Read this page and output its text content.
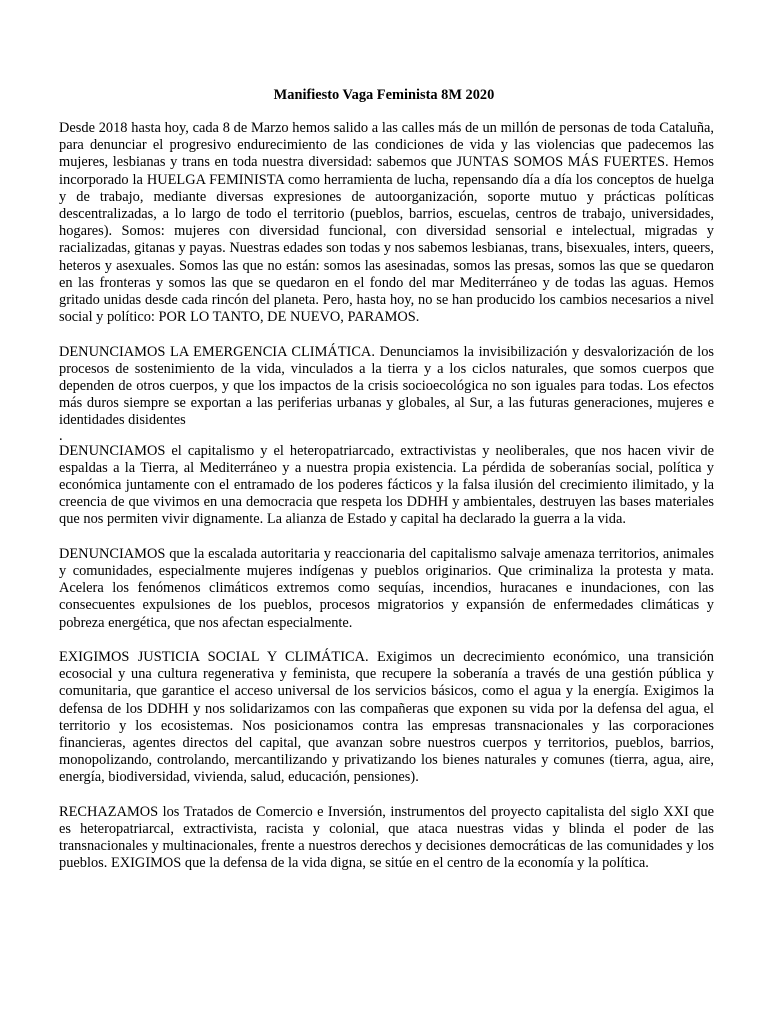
Manifiesto Vaga Feminista 8M 2020

Desde 2018 hasta hoy, cada 8 de Marzo hemos salido a las calles más de un millón de personas de toda Cataluña, para denunciar el progresivo endurecimiento de las condiciones de vida y las violencias que padecemos las mujeres, lesbianas y trans en toda nuestra diversidad: sabemos que JUNTAS SOMOS MÁS FUERTES. Hemos incorporado la HUELGA FEMINISTA como herramienta de lucha, repensando día a día los conceptos de huelga y de trabajo, mediante diversas expresiones de autoorganización, soporte mutuo y prácticas políticas descentralizadas, a lo largo de todo el territorio (pueblos, barrios, escuelas, centros de trabajo, universidades, hogares). Somos: mujeres con diversidad funcional, con diversidad sensorial e intelectual, migradas y racializadas, gitanas y payas. Nuestras edades son todas y nos sabemos lesbianas, trans, bisexuales, inters, queers, heteros y asexuales. Somos las que no están: somos las asesinadas, somos las presas, somos las que se quedaron en las fronteras y somos las que se quedaron en el fondo del mar Mediterráneo y de todas las aguas. Hemos gritado unidas desde cada rincón del planeta. Pero, hasta hoy, no se han producido los cambios necesarios a nivel social y político: POR LO TANTO, DE NUEVO, PARAMOS.

DENUNCIAMOS LA EMERGENCIA CLIMÁTICA. Denunciamos la invisibilización y desvalorización de los procesos de sostenimiento de la vida, vinculados a la tierra y a los ciclos naturales, que somos cuerpos que dependen de otros cuerpos, y que los impactos de la crisis socioecológica no son iguales para todas. Los efectos más duros siempre se exportan a las periferias urbanas y globales, al Sur, a las futuras generaciones, mujeres e identidades disidentes

.

DENUNCIAMOS el capitalismo y el heteropatriarcado, extractivistas y neoliberales, que nos hacen vivir de espaldas a la Tierra, al Mediterráneo y a nuestra propia existencia. La pérdida de soberanías social, política y económica juntamente con el entramado de los poderes fácticos y la falsa ilusión del crecimiento ilimitado, y la creencia de que vivimos en una democracia que respeta los DDHH y ambientales, destruyen las bases materiales que nos permiten vivir dignamente. La alianza de Estado y capital ha declarado la guerra a la vida.

DENUNCIAMOS que la escalada autoritaria y reaccionaria del capitalismo salvaje amenaza territorios, animales y comunidades, especialmente mujeres indígenas y pueblos originarios. Que criminaliza la protesta y mata. Acelera los fenómenos climáticos extremos como sequías, incendios, huracanes e inundaciones, con las consecuentes expulsiones de los pueblos, procesos migratorios y expansión de enfermedades climáticas y pobreza energética, que nos afectan especialmente.

EXIGIMOS JUSTICIA SOCIAL Y CLIMÁTICA. Exigimos un decrecimiento económico, una transición ecosocial y una cultura regenerativa y feminista, que recupere la soberanía a través de una gestión pública y comunitaria, que garantice el acceso universal de los servicios básicos, como el agua y la energía. Exigimos la defensa de los DDHH y nos solidarizamos con las compañeras que exponen su vida por la defensa del agua, el territorio y los ecosistemas. Nos posicionamos contra las empresas transnacionales y las corporaciones financieras, agentes directos del capital, que avanzan sobre nuestros cuerpos y territorios, pueblos, barrios, monopolizando, controlando, mercantilizando y privatizando los bienes naturales y comunes (tierra, agua, aire, energía, biodiversidad, vivienda, salud, educación, pensiones).

RECHAZAMOS los Tratados de Comercio e Inversión, instrumentos del proyecto capitalista del siglo XXI que es heteropatriarcal, extractivista, racista y colonial, que ataca nuestras vidas y blinda el poder de las transnacionales y multinacionales, frente a nuestros derechos y decisiones democráticas de las comunidades y los pueblos. EXIGIMOS que la defensa de la vida digna, se sitúe en el centro de la economía y la política.
